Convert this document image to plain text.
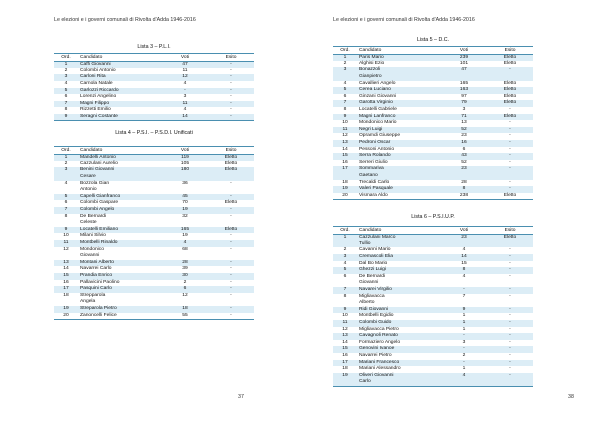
Le elezioni e i governi comunali di Rivolta d'Adda 1946-2016
Lista 3 – P.L.I.
Ord.	Candidato	Voti	Esito
1	Caffi Giovanni	47	-
2	Colombi Antonio	11	-
3	Carloni Rita	12	-
4	Carnola Natale	4	-
5	Garlozzi Riccardo	-	-
6	Lorenzi Angelino	3	-
7	Magni Filippo	11	-
8	Rizzetti Emilio	4	-
9	Seragni Costante	14	-
Lista 4 – P.S.I. – P.S.D.I. Unificati
Ord.	Candidato	Voti	Esito
1	Mandelli Antonio	119	Eletto
2	Cazzulani Aurelio	105	Eletto
3	Benini Giovanni	180	Eletto
	Cesare		
4	Bozzola Gian	36	-
	Antonio		
5	Capelli Gianfranco	45	-
6	Colombi Gaspare	70	Eletto
7	Colombi Angelo	19	-
8	De Bernardi	32	-
	Celeste		
9	Locatelli Emiliano	165	Eletto
10	Milani Silvio	19	-
11	Montbelli Rinaldo	4	-
12	Mondonico	68	-
	Giovanni		
13	Montani Alberto	28	-
14	Navarrei Carlo	39	-
15	Prandia Enrico	30	-
16	Pallavicini Paolino	2	-
17	Pasquini Carlo	6	-
18	Strepparola	12	-
	Angela		
19	Streparola Pietro	18	-
20	Zanoncelli Felice	55	-
37
Le elezioni e i governi comunali di Rivolta d'Adda 1946-2016
Lista 5 – D.C.
Ord.	Candidato	Voti	Esito
1	Paris Mario	239	Eletto
2	Alghisi Ezio	101	Eletto
3	Bonazzoli	47	-
	Gianpietro		
4	Cavallieri Angelo	165	Eletto
5	Cerea Luciano	163	Eletto
6	Ginzani Giovanni	97	Eletto
7	Garotta Virginio	79	Eletto
8	Locatelli Gabriele	3	-
9	Magni Lanfranco	71	Eletto
10	Mondonico Mario	13	-
11	Negri Luigi	52	-
12	Opramdi Giuseppe	23	-
13	Pedroni Oscar	16	-
14	Pessoni Antonio	6	-
15	Serra Rolando	43	-
16	Serreri Giulio	52	-
17	Sommariva	23	-
	Gaetano		
18	Trecaldi Carlo	28	-
19	Valeri Pasquale	8	-
20	Vismara Aldo	238	Eletto
Lista 6 – P.S.I.U.P.
Ord.	Candidato	Voti	Esito
1	Cazzulani Marco	23	Eletto
	Tullio		
2	Cavanni Mario	4	-
3	Cremascoli Elia	14	-
4	Dal Bo Mario	15	-
5	Ghezzi Luigi	8	-
6	De Bernardi	4	-
	Giovanni		
7	Navarei Virgilio	-	-
8	Migliavacca	7	-
	Alberto		
9	Ridi Giovanni	9	-
10	Montbelli Egidio	1	-
11	Colombi Guido	1	-
12	Migliavacca Pietro	1	-
13	Cavagnoli Renato	-	-
14	Formaziero Angelo	3	-
15	Genovini Ivanoe	-	-
16	Navarrei Pietro	2	-
17	Mariani Francesco	-	-
18	Mariani Alessandro	1	-
19	Oliveri Giovanni	4	-
	Carlo		
38
